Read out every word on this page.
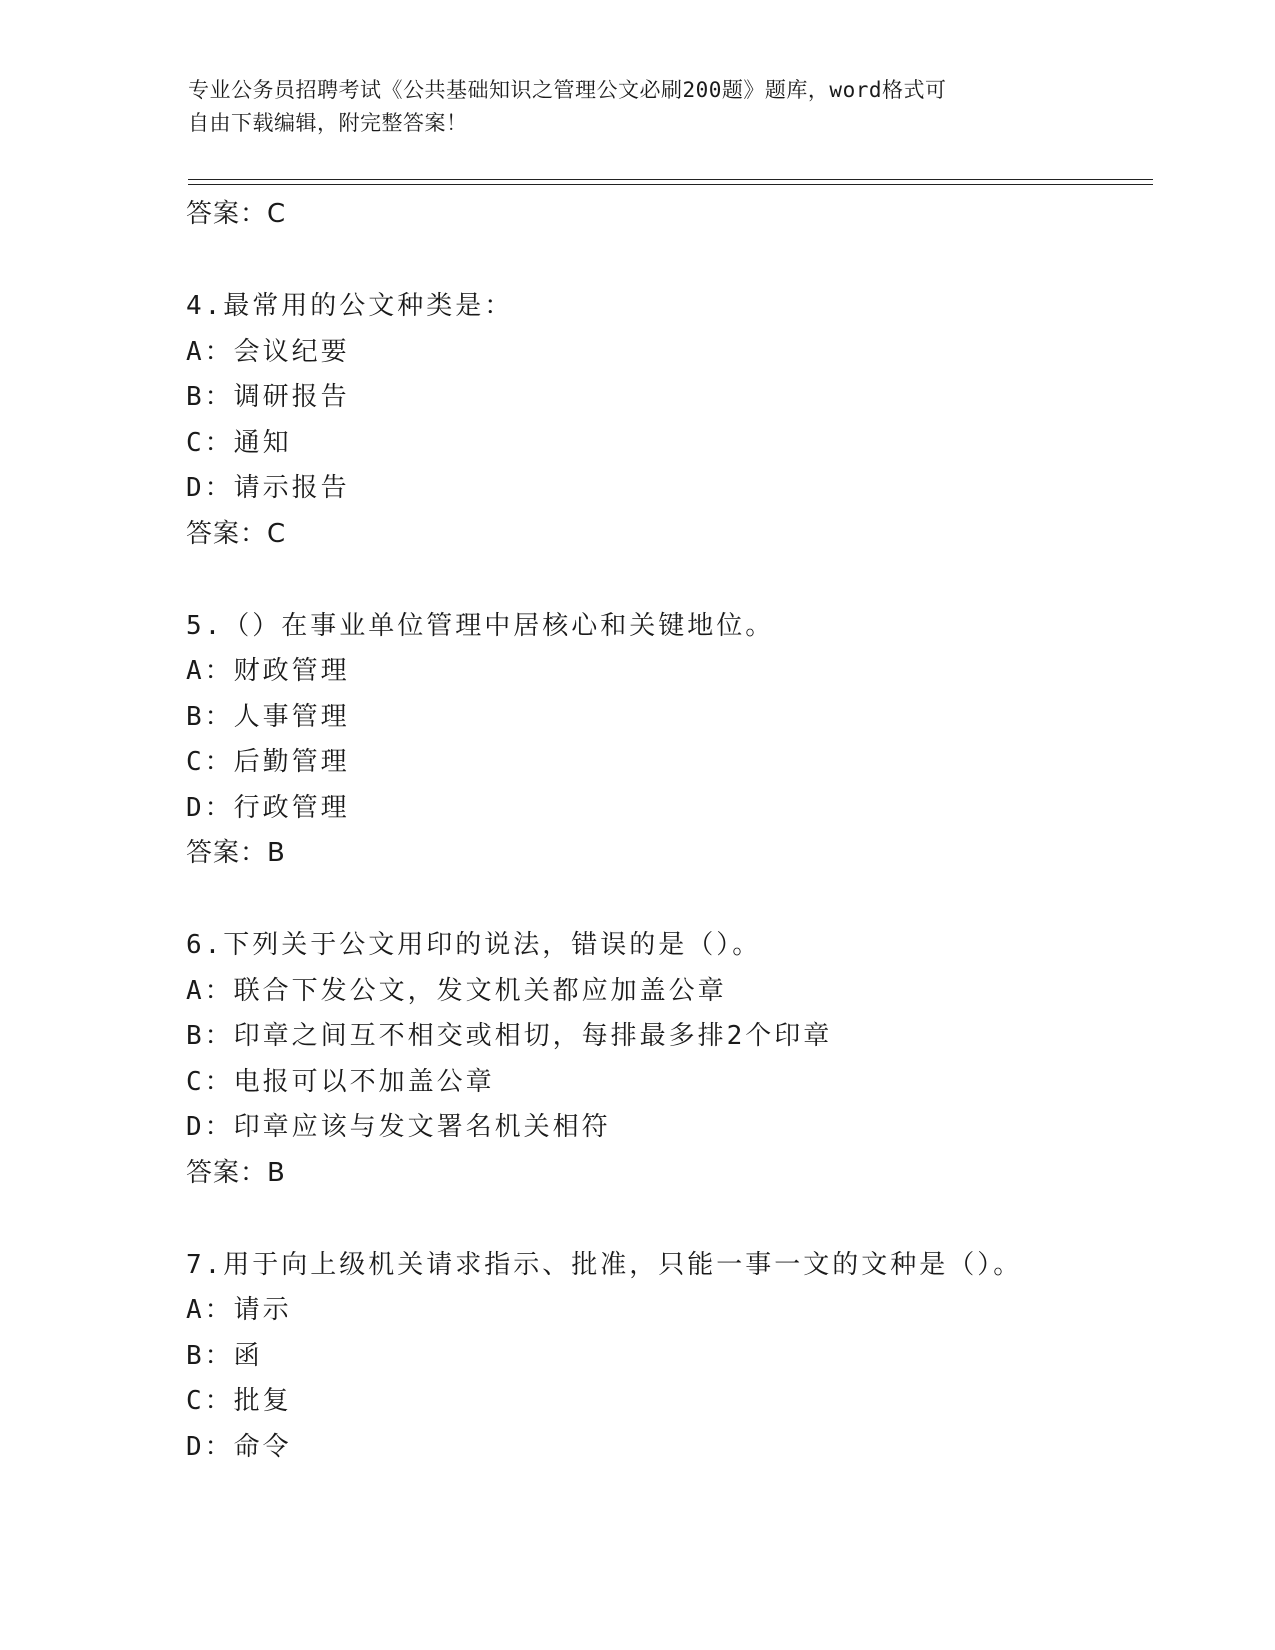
专业公务员招聘考试《公共基础知识之管理公文必刷200题》题库，word格式可
自由下载编辑，附完整答案！
答案：C
4.最常用的公文种类是：
A：会议纪要
B：调研报告
C：通知
D：请示报告
答案：C
5.（）在事业单位管理中居核心和关键地位。
A：财政管理
B：人事管理
C：后勤管理
D：行政管理
答案：B
6.下列关于公文用印的说法，错误的是（）。
A：联合下发公文，发文机关都应加盖公章
B：印章之间互不相交或相切，每排最多排2个印章
C：电报可以不加盖公章
D：印章应该与发文署名机关相符
答案：B
7.用于向上级机关请求指示、批准，只能一事一文的文种是（）。
A：请示
B：函
C：批复
D：命令
